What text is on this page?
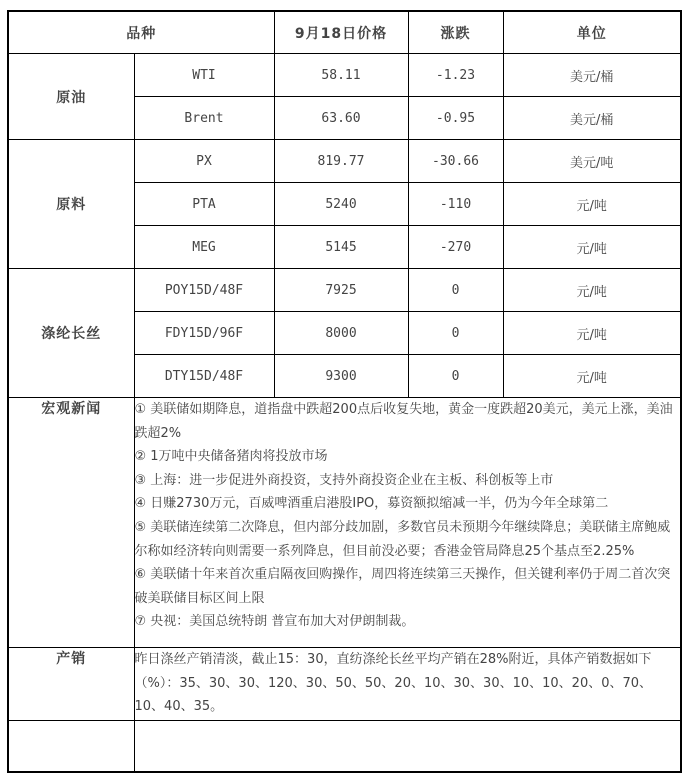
品种		9月18日价格	涨跌	单位
原油	WTI	58.11	-1.23	美元/桶
	Brent	63.60	-0.95	美元/桶
原料	PX	819.77	-30.66	美元/吨
	PTA	5240	-110	元/吨
	MEG	5145	-270	元/吨
涤纶长丝	POY15D/48F	7925	0	元/吨
	FDY15D/96F	8000	0	元/吨
	DTY15D/48F	9300	0	元/吨
宏观新闻	① 美联储如期降息，道指盘中跌超200点后收复失地，黄金一度跌超20美元，美元上涨，美油跌超2%

② 1万吨中央储备猪肉将投放市场

③ 上海：进一步促进外商投资，支持外商投资企业在主板、科创板等上市

④ 日赚2730万元，百威啤酒重启港股IPO，募资额拟缩减一半，仍为今年全球第二

⑤ 美联储连续第二次降息，但内部分歧加剧，多数官员未预期今年继续降息；美联储主席鲍威尔称如经济转向则需要一系列降息，但目前没必要；香港金管局降息25个基点至2.25%

⑥ 美联储十年来首次重启隔夜回购操作，周四将连续第三天操作，但关键利率仍于周二首次突破美联储目标区间上限

⑦ 央视：美国总统特朗 普宣布加大对伊朗制裁。

产销	昨日涤丝产销清淡，截止15：30，直纺涤纶长丝平均产销在28%附近，具体产销数据如下（%）：35、30、30、120、30、50、50、20、10、30、30、10、10、20、0、70、10、40、35。			
